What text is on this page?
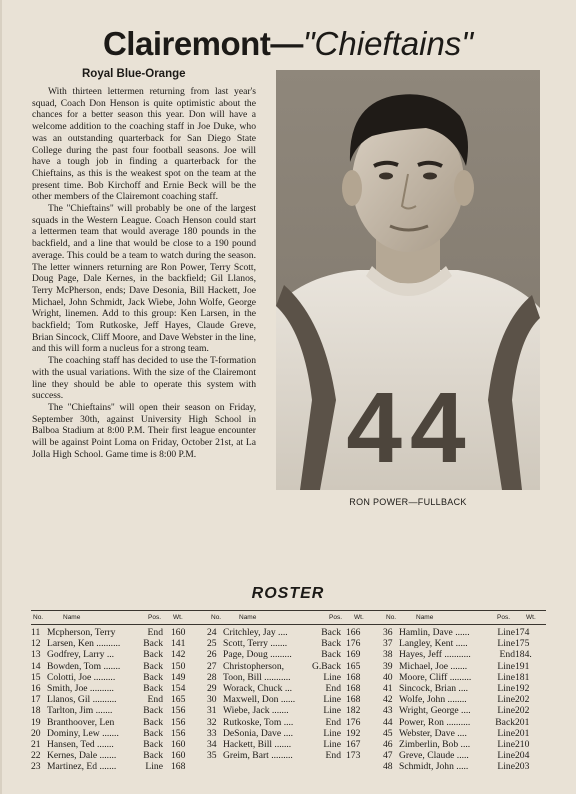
Clairemont—"Chieftains"
Royal Blue-Orange

With thirteen lettermen returning from last year's squad, Coach Don Henson is quite optimistic about the chances for a better season this year. Don will have a welcome addition to the coaching staff in Joe Duke, who was an outstanding quarterback for San Diego State College during the past four football seasons. Joe will have a tough job in finding a quarterback for the Chieftains, as this is the weakest spot on the team at the present time. Bob Kirchoff and Ernie Beck will be the other members of the Clairemont coaching staff.

The "Chieftains" will probably be one of the largest squads in the Western League. Coach Henson could start a lettermen team that would average 180 pounds in the backfield, and a line that would be close to a 190 pound average. This could be a team to watch during the season. The letter winners returning are Ron Power, Terry Scott, Doug Page, Dale Kernes, in the backfield; Gil Llanos, Terry McPherson, ends; Dave Desonia, Bill Hackett, Joe Michael, John Schmidt, Jack Wiebe, John Wolfe, George Wright, linemen. Add to this group: Ken Larsen, in the backfield; Tom Rutkoske, Jeff Hayes, Claude Greve, Brian Sincock, Cliff Moore, and Dave Webster in the line, and this will form a nucleus for a strong team.

The coaching staff has decided to use the T-formation with the usual variations. With the size of the Clairemont line they should be able to operate this system with success.

The "Chieftains" will open their season on Friday, September 30th, against University High School in Balboa Stadium at 8:00 P.M. Their first league encounter will be against Point Loma on Friday, October 21st, at La Jolla High School. Game time is 8:00 P.M.	44
RON POWER—FULLBACK
ROSTER
No.	Name	Pos. Wt.	No.	Name	Pos. Wt.	No.	Name	Pos. Wt.
11 Mcpherson, Terry	End 160
12 Larsen, Ken ..........	Back 141
13 Godfrey, Larry ...	Back 142
14 Bowden, Tom .......	Back 150
15 Colotti, Joe .........	Back 149
16 Smith, Joe ..........	Back 154
17 Llanos, Gil ..........	End 165
18 Tarlton, Jim .......	Back 156
19 Branthoover, Len	Back 156
20 Dominy, Lew .......	Back 156
21 Hansen, Ted .......	Back 160
22 Kernes, Dale .......	Back 160
23 Martinez, Ed .......	Line 168
24 Critchley, Jay ....	Back 166
25 Scott, Terry .......	Back 176
26 Page, Doug .........	Back 169
27 Christopherson,	G.Back 165
28 Toon, Bill ...........	Line 168
29 Worack, Chuck ...	End 168
30 Maxwell, Don ......	Line 168
31 Wiebe, Jack .......	Line 182
32 Rutkoske, Tom ....	End 176
33 DeSonia, Dave ....	Line 192
34 Hackett, Bill .......	Line 167
35 Greim, Bart .........	End 173
36 Hamlin, Dave ......	Line 174
37 Langley, Kent .....	Line 175
38 Hayes, Jeff ...........	End 184.
39 Michael, Joe .......	Line 191
40 Moore, Cliff .........	Line 181
41 Sincock, Brian ....	Line 192
42 Wolfe, John ........	Line 202
43 Wright, George ....	Line 202
44 Power, Ron ..........	Back 201
45 Webster, Dave ....	Line 201
46 Zimberlin, Bob ....	Line 210
47 Greve, Claude .....	Line 204
48 Schmidt, John .....	Line 203
